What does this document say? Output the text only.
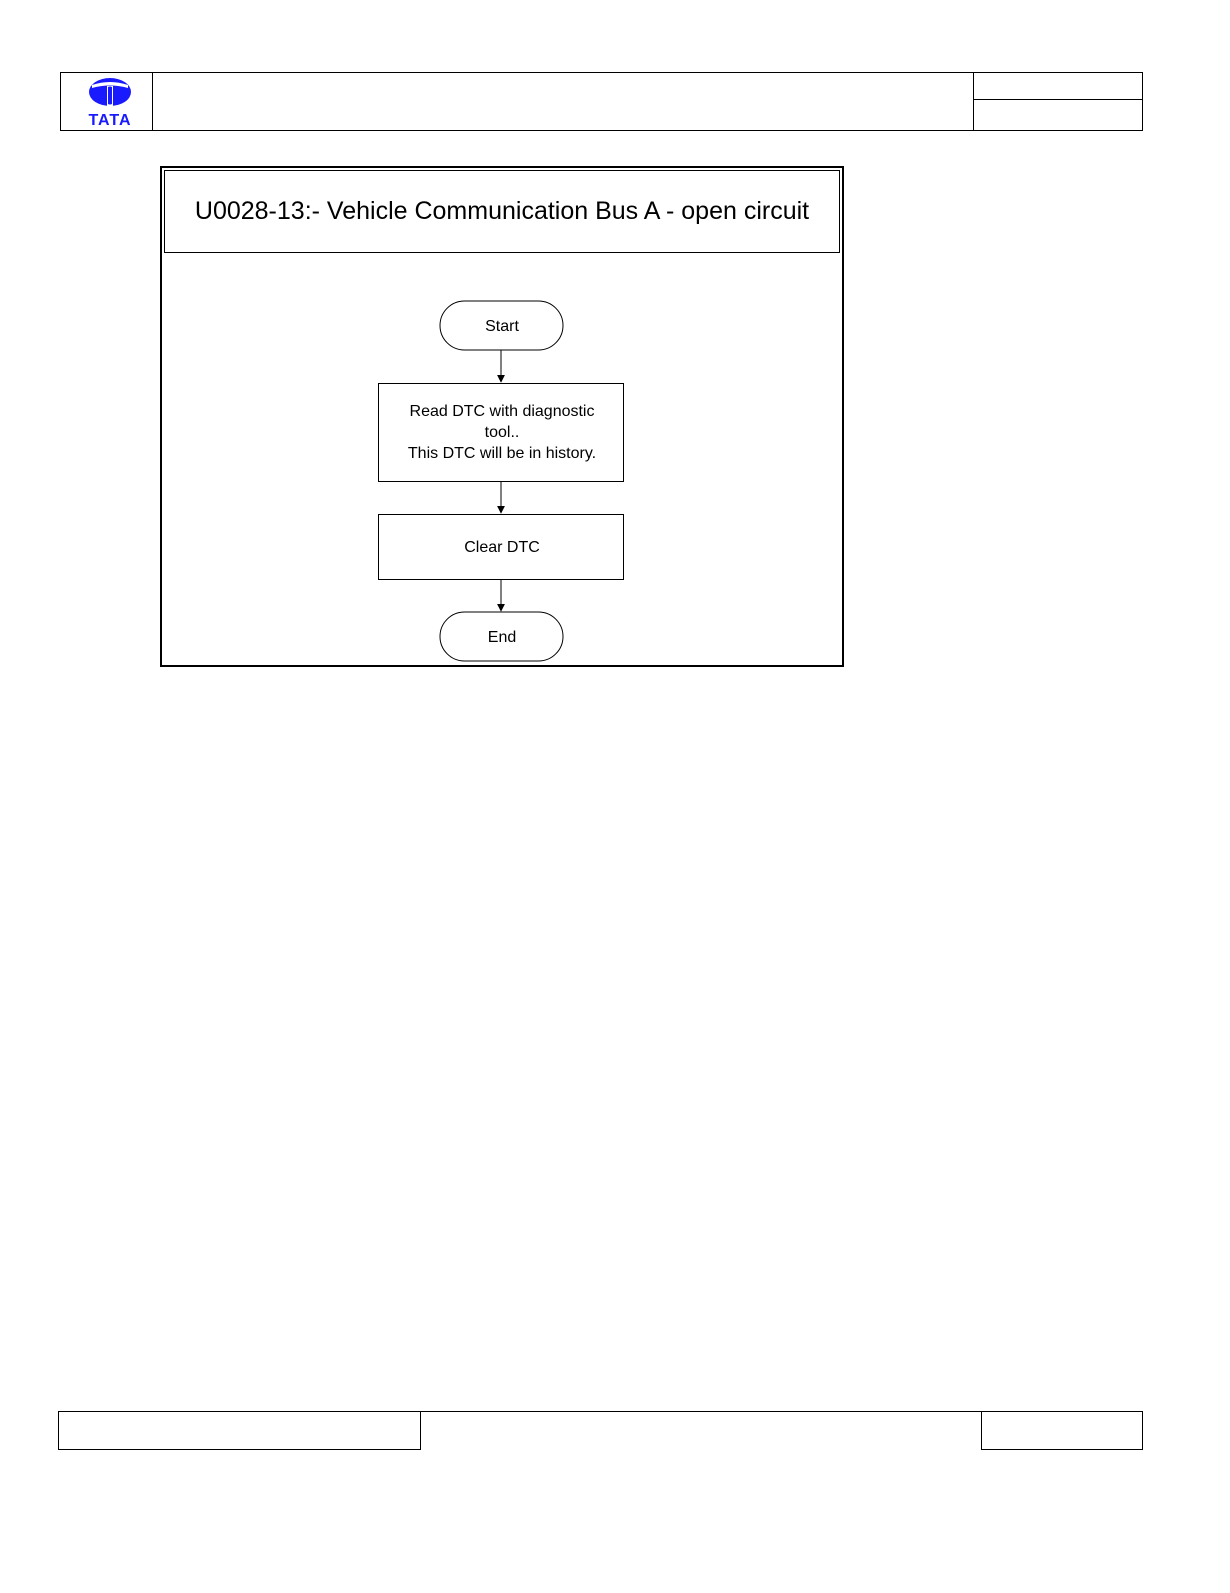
TATA
U0028-13:- Vehicle Communication Bus A - open circuit
Start
Read DTC with diagnostic
tool..
This DTC will be in history.
Clear DTC
End
